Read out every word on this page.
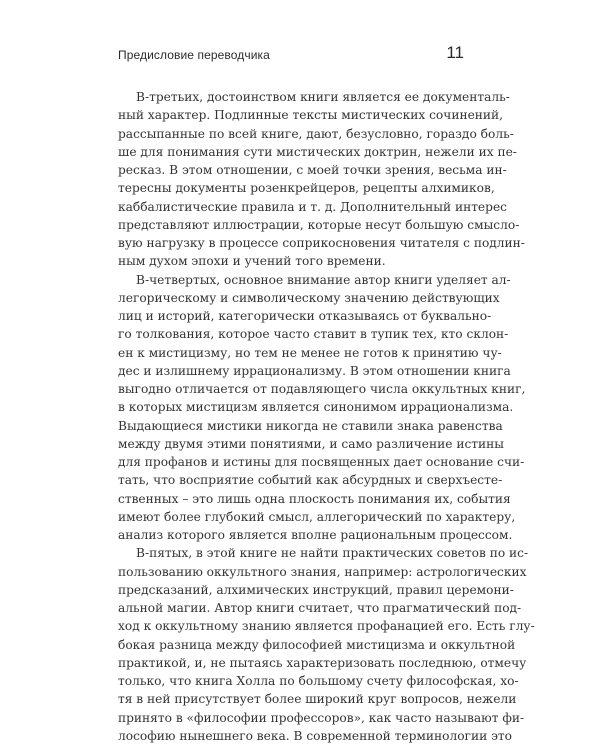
Предисловие переводчика	11
В-третьих, достоинством книги является ее документаль-
ный характер. Подлинные тексты мистических сочинений,
рассыпанные по всей книге, дают, безусловно, гораздо боль-
ше для понимания сути мистических доктрин, нежели их пе-
ресказ. В этом отношении, с моей точки зрения, весьма ин-
тересны документы розенкрейцеров, рецепты алхимиков,
каббалистические правила и т. д. Дополнительный интерес
представляют иллюстрации, которые несут большую смысло-
вую нагрузку в процессе соприкосновения читателя с подлин-
ным духом эпохи и учений того времени.
В-четвертых, основное внимание автор книги уделяет ал-
легорическому и символическому значению действующих
лиц и историй, категорически отказываясь от буквально-
го толкования, которое часто ставит в тупик тех, кто склон-
ен к мистицизму, но тем не менее не готов к принятию чу-
дес и излишнему иррационализму. В этом отношении книга
выгодно отличается от подавляющего числа оккультных книг,
в которых мистицизм является синонимом иррационализма.
Выдающиеся мистики никогда не ставили знака равенства
между двумя этими понятиями, и само различение истины
для профанов и истины для посвященных дает основание счи-
тать, что восприятие событий как абсурдных и сверхъесте-
ственных – это лишь одна плоскость понимания их, события
имеют более глубокий смысл, аллегорический по характеру,
анализ которого является вполне рациональным процессом.
В-пятых, в этой книге не найти практических советов по ис-
пользованию оккультного знания, например: астрологических
предсказаний, алхимических инструкций, правил церемони-
альной магии. Автор книги считает, что прагматический под-
ход к оккультному знанию является профанацией его. Есть глу-
бокая разница между философией мистицизма и оккультной
практикой, и, не пытаясь характеризовать последнюю, отмечу
только, что книга Холла по большому счету философская, хо-
тя в ней присутствует более широкий круг вопросов, нежели
принято в «философии профессоров», как часто называют фи-
лософию нынешнего века. В современной терминологии это
